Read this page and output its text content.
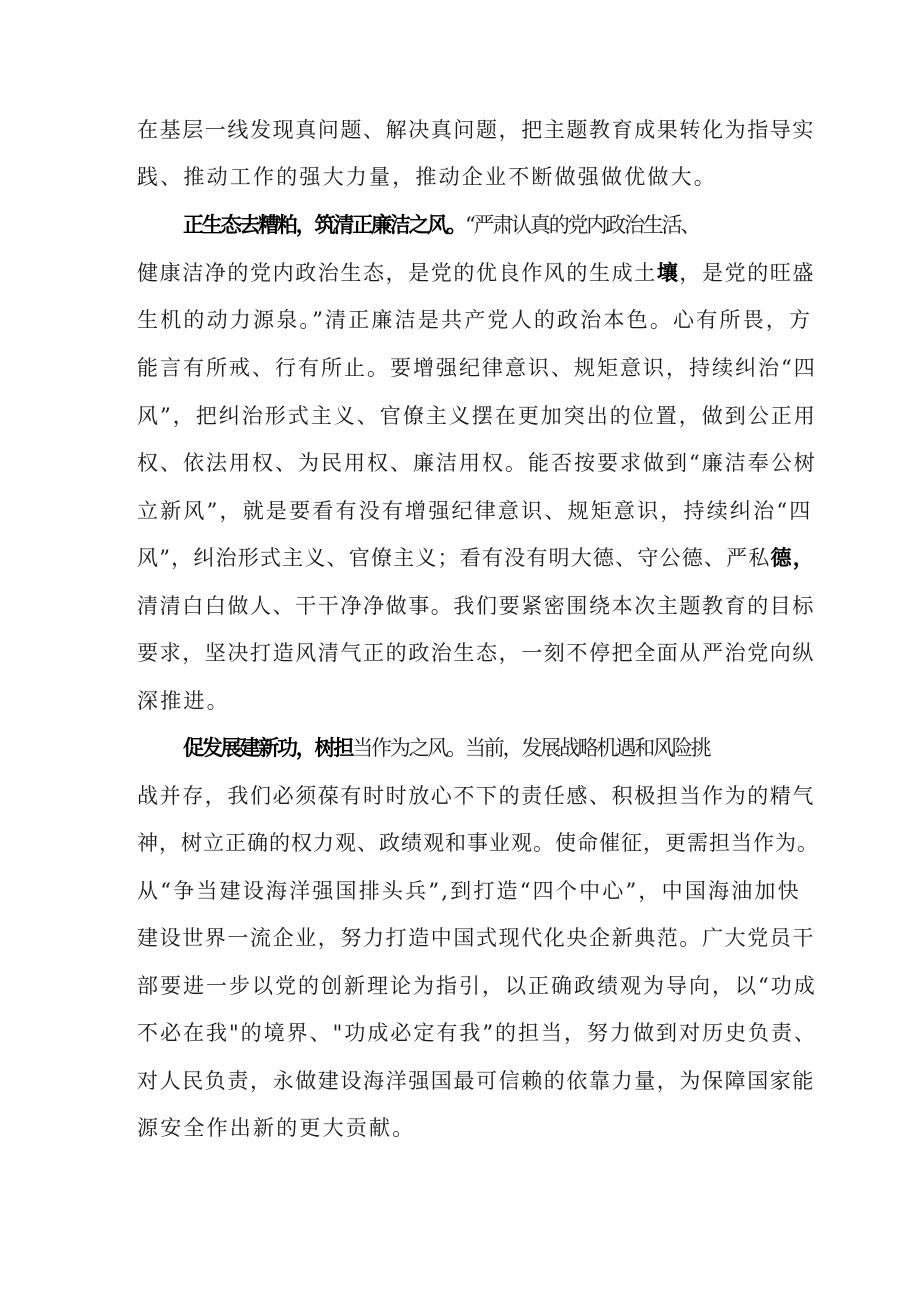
在基层一线发现真问题、解决真问题，把主题教育成果转化为指导实
践、推动工作的强大力量，推动企业不断做强做优做大。
正生态去糟粕，筑清正廉洁之风。“严肃认真的党内政治生活、
健康洁净的党内政治生态，是党的优良作风的生成土壤，是党的旺盛
生机的动力源泉。”清正廉洁是共产党人的政治本色。心有所畏，方
能言有所戒、行有所止。要增强纪律意识、规矩意识，持续纠治“四
风”，把纠治形式主义、官僚主义摆在更加突出的位置，做到公正用
权、依法用权、为民用权、廉洁用权。能否按要求做到“廉洁奉公树
立新风”，就是要看有没有增强纪律意识、规矩意识，持续纠治“四
风”，纠治形式主义、官僚主义；看有没有明大德、守公德、严私德，
清清白白做人、干干净净做事。我们要紧密围绕本次主题教育的目标
要求，坚决打造风清气正的政治生态，一刻不停把全面从严治党向纵
深推进。
促发展建新功，树担当作为之风。当前，发展战略机遇和风险挑
战并存，我们必须葆有时时放心不下的责任感、积极担当作为的精气
神，树立正确的权力观、政绩观和事业观。使命催征，更需担当作为。
从“争当建设海洋强国排头兵”,到打造“四个中心”，中国海油加快
建设世界一流企业，努力打造中国式现代化央企新典范。广大党员干
部要进一步以党的创新理论为指引，以正确政绩观为导向，以“功成
不必在我"的境界、"功成必定有我”的担当，努力做到对历史负责、
对人民负责，永做建设海洋强国最可信赖的依靠力量，为保障国家能
源安全作出新的更大贡献。
